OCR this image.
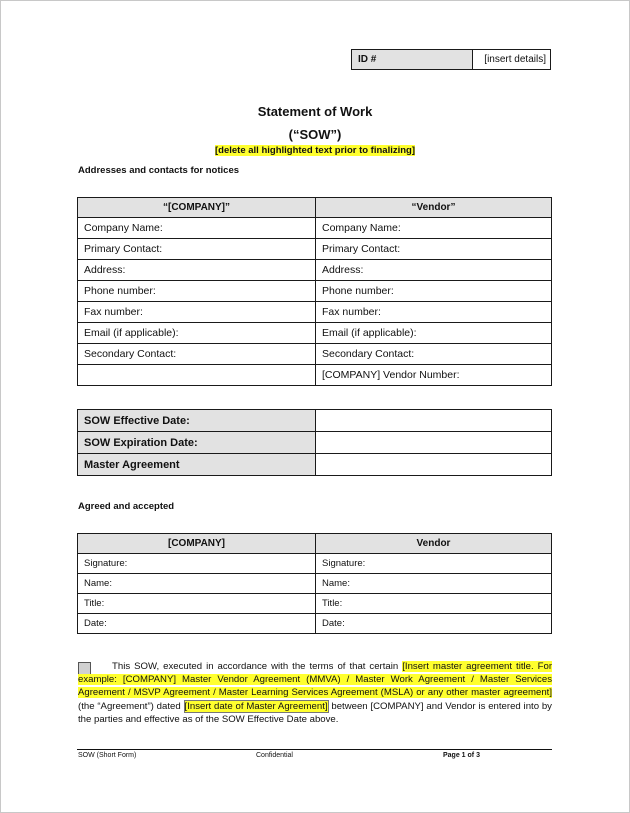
ID #	[insert details]
Statement of Work
(“SOW”)
[delete all highlighted text prior to finalizing]
Addresses and contacts for notices
“[COMPANY]”	“Vendor”
Company Name:	Company Name:
Primary Contact:	Primary Contact:
Address:	Address:
Phone number:	Phone number:
Fax number:	Fax number:
Email (if applicable):	Email (if applicable):
Secondary Contact:	Secondary Contact:
	[COMPANY] Vendor Number:
SOW Effective Date:	
SOW Expiration Date:	
Master Agreement	
Agreed and accepted
[COMPANY]	Vendor
Signature:	Signature:
Name:	Name:
Title:	Title:
Date:	Date:
This SOW, executed in accordance with the terms of that certain [Insert master agreement title. For example: [COMPANY] Master Vendor Agreement (MMVA) / Master Work Agreement / Master Services Agreement / MSVP Agreement / Master Learning Services Agreement (MSLA) or any other master agreement] (the “Agreement”) dated [Insert date of Master Agreement] between [COMPANY] and Vendor is entered into by the parties and effective as of the SOW Effective Date above.
SOW (Short Form)	Confidential	Page 1 of 3
